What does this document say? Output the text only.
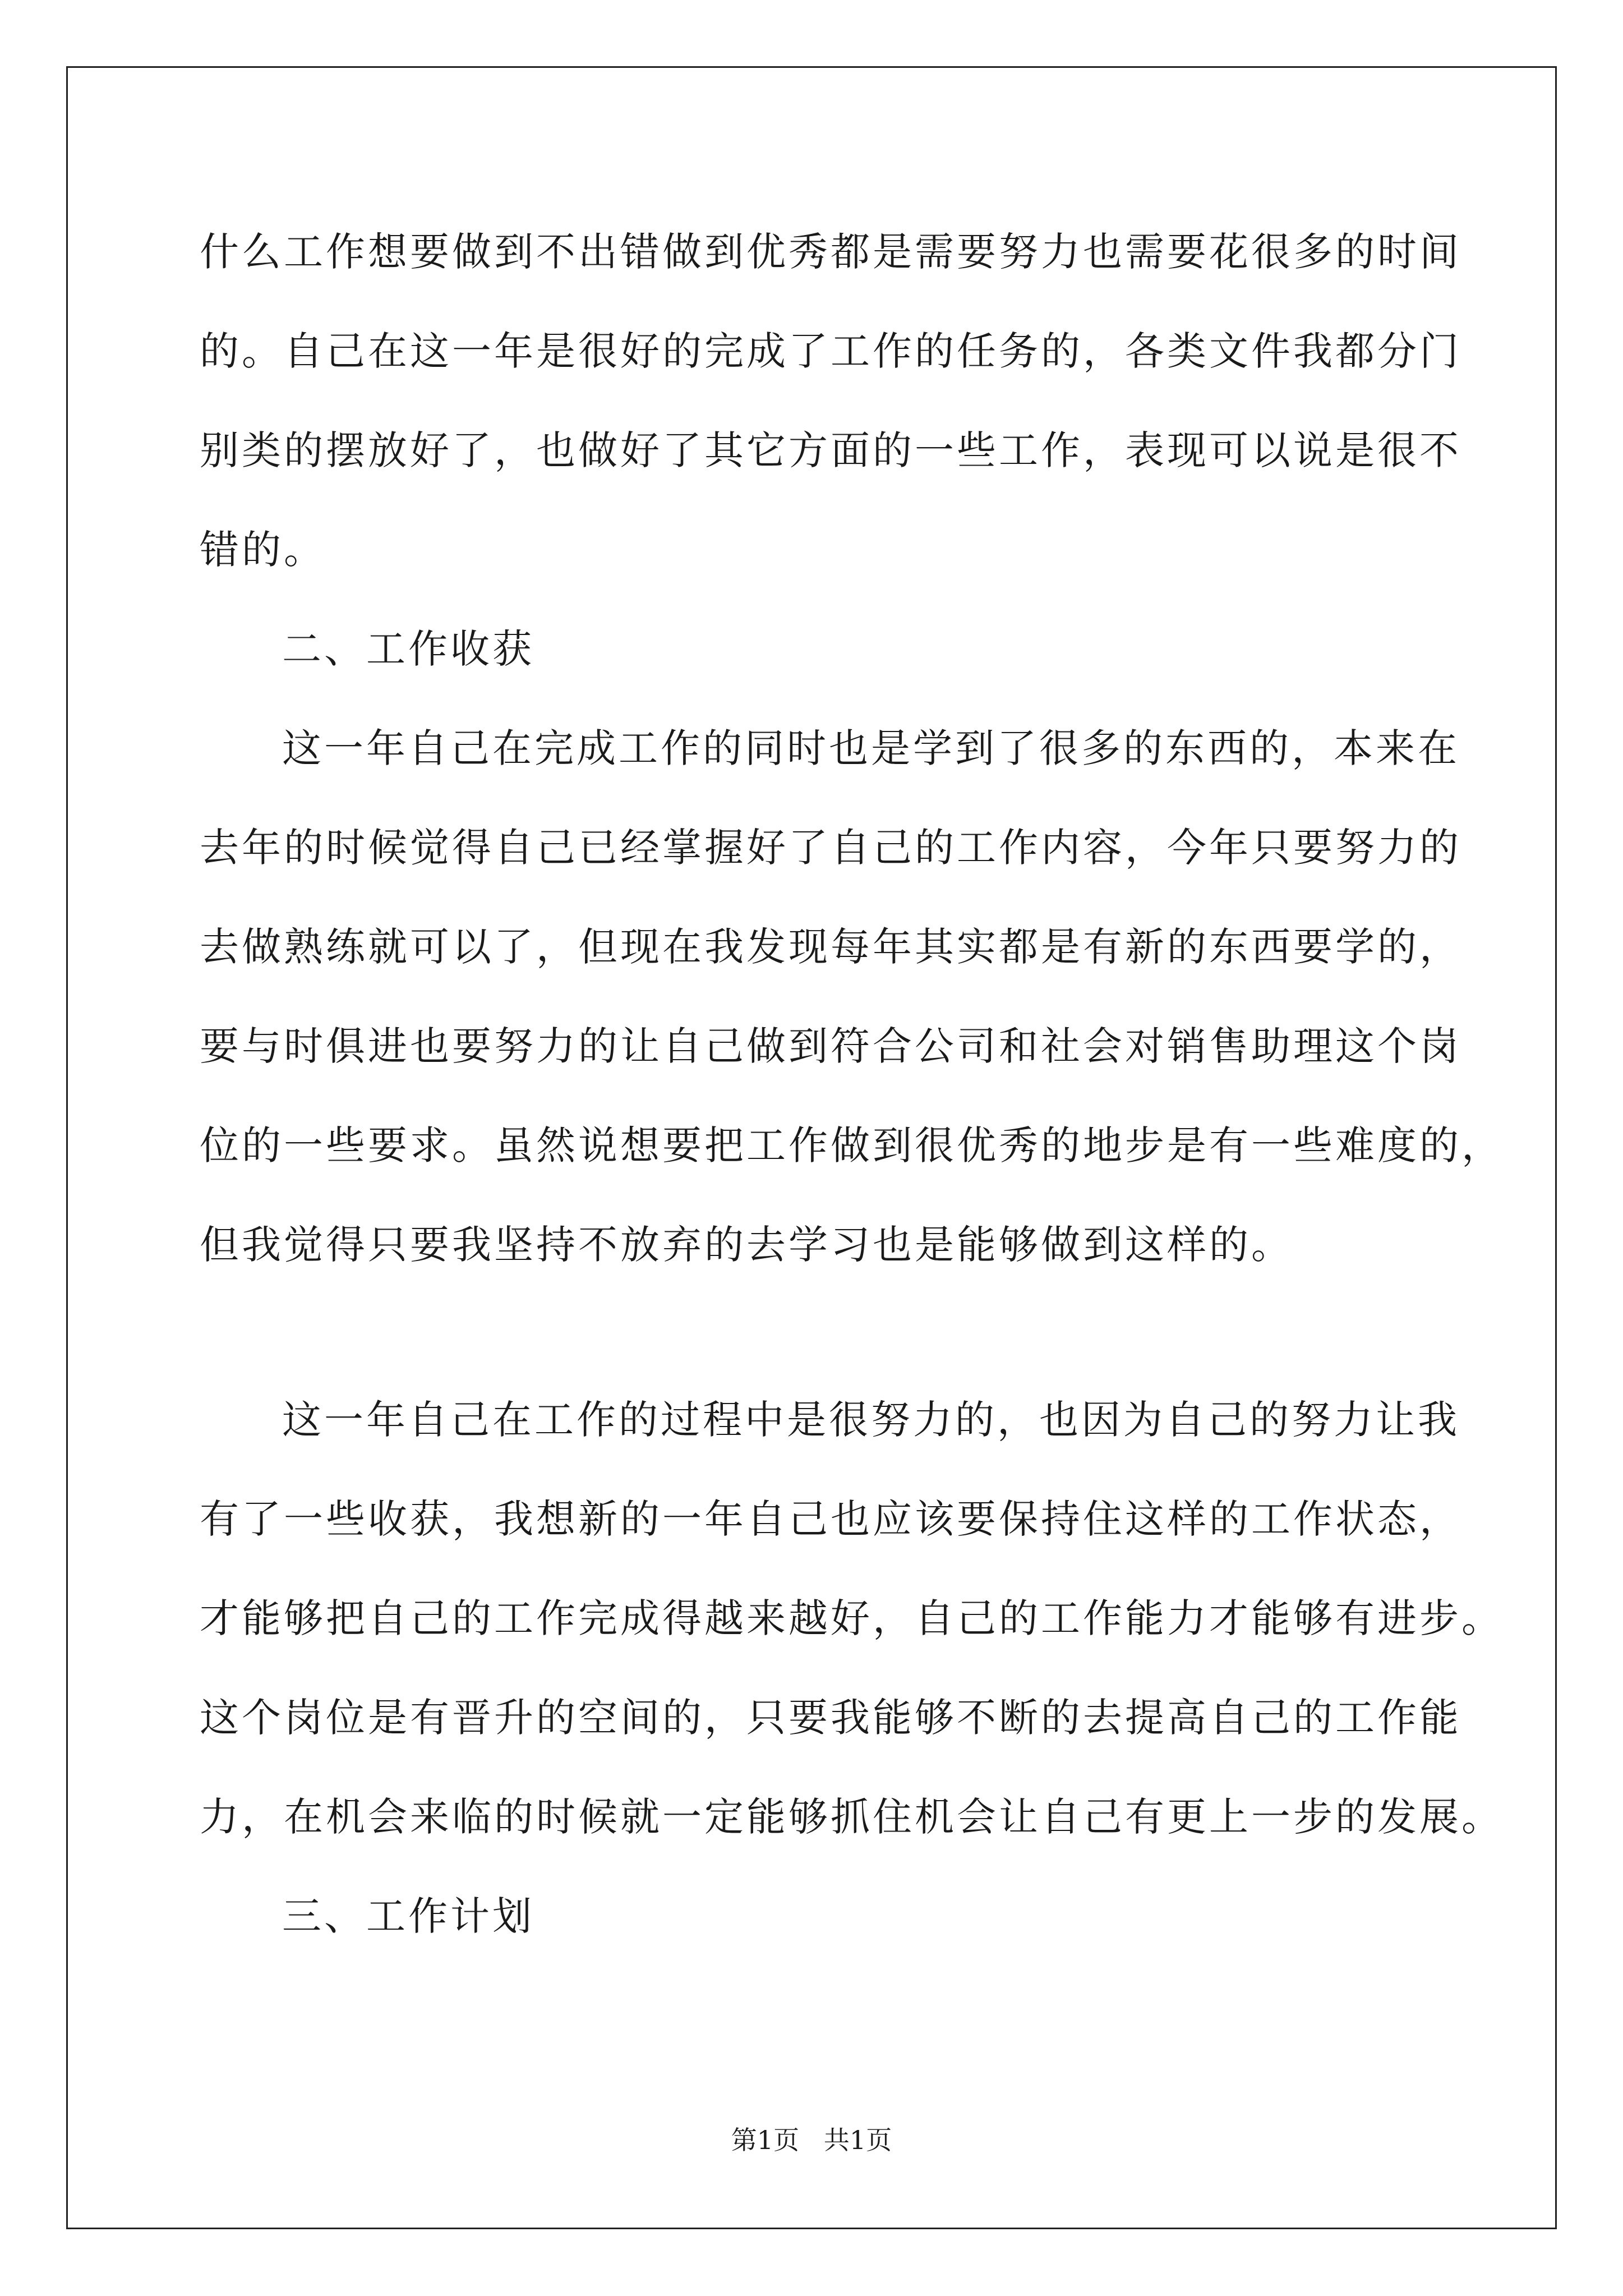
什么工作想要做到不出错做到优秀都是需要努力也需要花很多的时间
的。自己在这一年是很好的完成了工作的任务的，各类文件我都分门
别类的摆放好了，也做好了其它方面的一些工作，表现可以说是很不
错的。
二、工作收获
这一年自己在完成工作的同时也是学到了很多的东西的，本来在
去年的时候觉得自己已经掌握好了自己的工作内容，今年只要努力的
去做熟练就可以了，但现在我发现每年其实都是有新的东西要学的，
要与时俱进也要努力的让自己做到符合公司和社会对销售助理这个岗
位的一些要求。虽然说想要把工作做到很优秀的地步是有一些难度的，
但我觉得只要我坚持不放弃的去学习也是能够做到这样的。
这一年自己在工作的过程中是很努力的，也因为自己的努力让我
有了一些收获，我想新的一年自己也应该要保持住这样的工作状态，
才能够把自己的工作完成得越来越好，自己的工作能力才能够有进步。
这个岗位是有晋升的空间的，只要我能够不断的去提高自己的工作能
力，在机会来临的时候就一定能够抓住机会让自己有更上一步的发展。
三、工作计划
第1页   共1页
